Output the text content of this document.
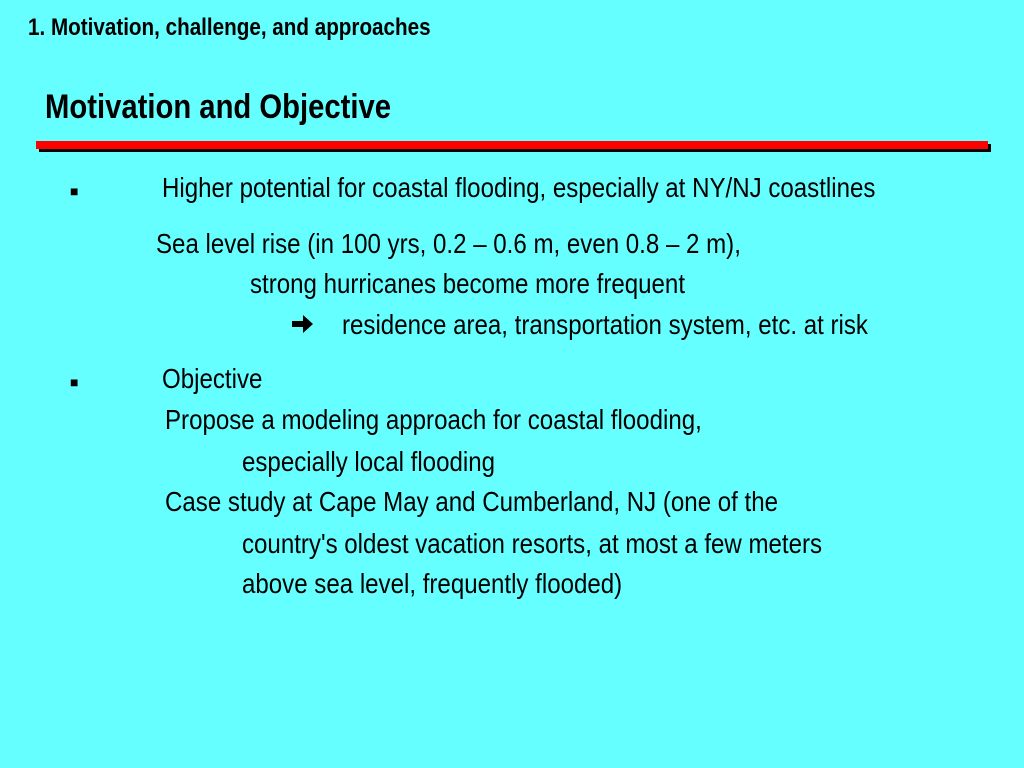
1. Motivation, challenge, and approaches
Motivation and Objective
■	Higher potential for coastal flooding, especially at NY/NJ coastlines
Sea level rise (in 100 yrs, 0.2 – 0.6 m, even 0.8 – 2 m),
strong hurricanes become more frequent
residence area, transportation system, etc. at risk
■	Objective
Propose a modeling approach for coastal flooding,
especially local flooding
Case study at Cape May and Cumberland, NJ (one of the
country's oldest vacation resorts, at most a few meters
above sea level, frequently flooded)
